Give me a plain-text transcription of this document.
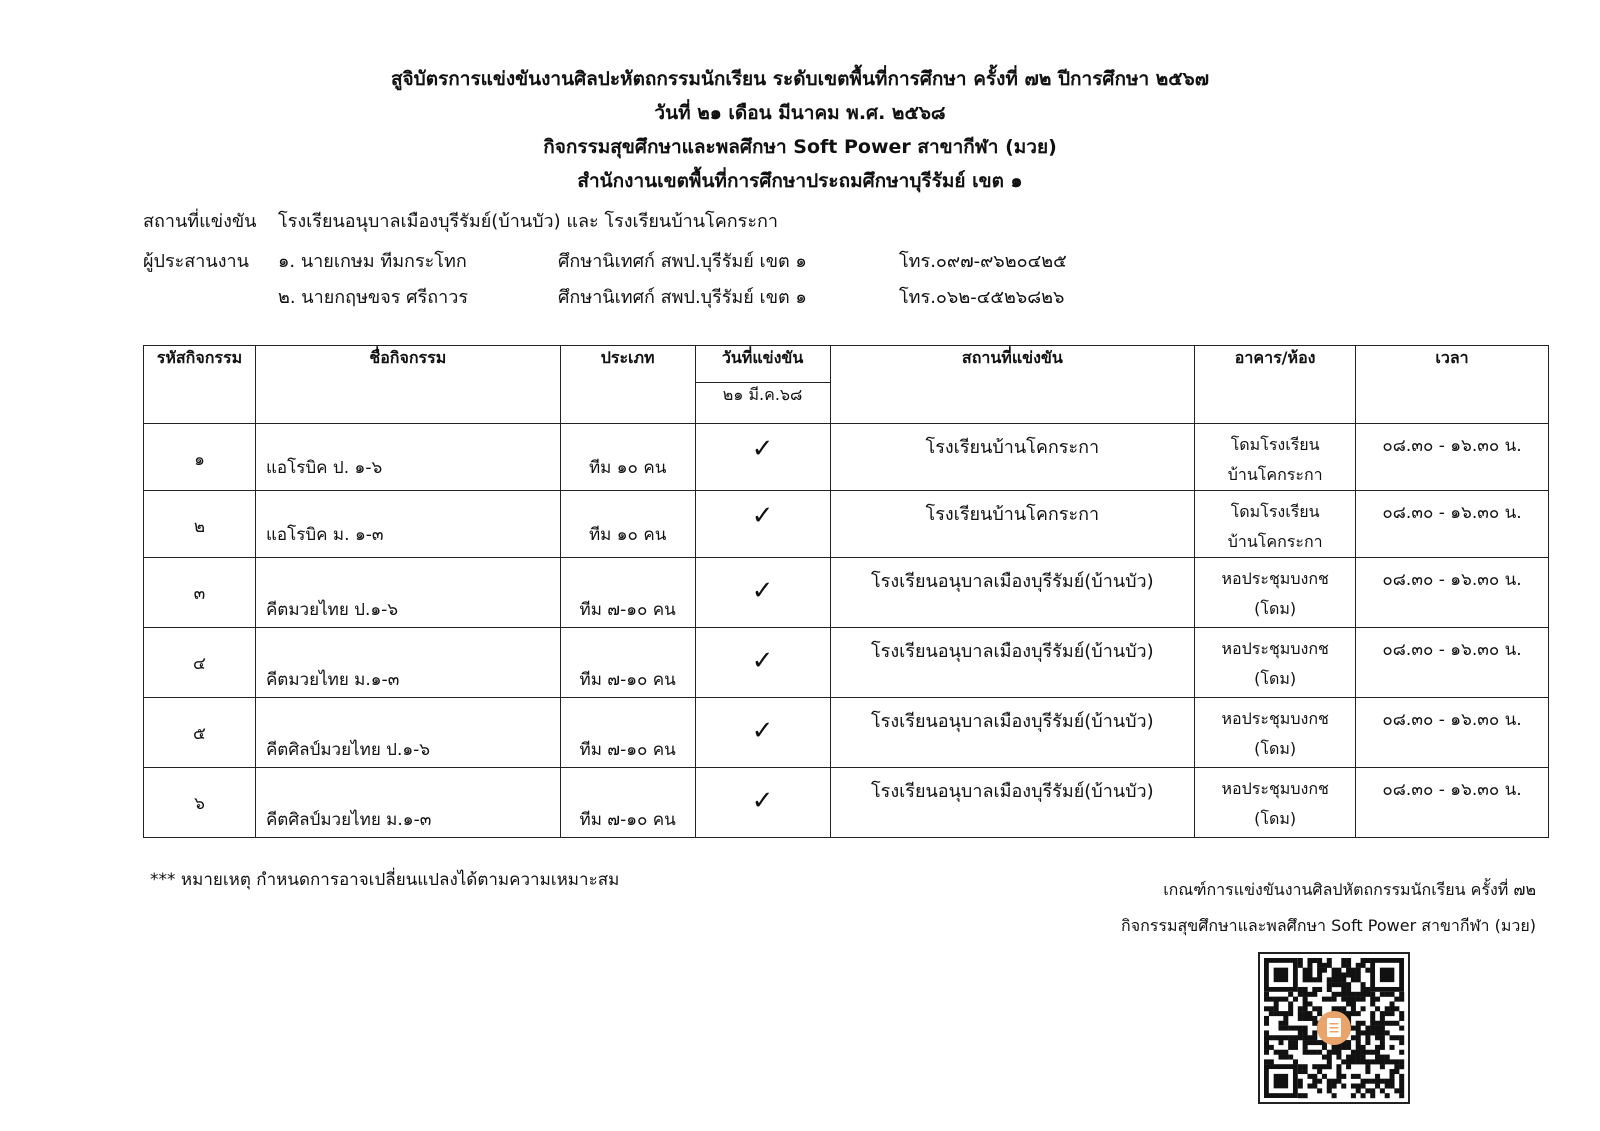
สูจิบัตรการแข่งขันงานศิลปะหัตถกรรมนักเรียน ระดับเขตพื้นที่การศึกษา ครั้งที่ ๗๒ ปีการศึกษา ๒๕๖๗
วันที่ ๒๑ เดือน มีนาคม พ.ศ. ๒๕๖๘
กิจกรรมสุขศึกษาและพลศึกษา Soft Power สาขากีฬา (มวย)
สำนักงานเขตพื้นที่การศึกษาประถมศึกษาบุรีรัมย์ เขต ๑
สถานที่แข่งขัน โรงเรียนอนุบาลเมืองบุรีรัมย์(บ้านบัว) และ โรงเรียนบ้านโคกระกา
ผู้ประสานงาน ๑. นายเกษม ทีมกระโทก	ศึกษานิเทศก์ สพป.บุรีรัมย์ เขต ๑	โทร.๐๙๗-๙๖๒๐๔๒๕
๒. นายกฤษขจร ศรีถาวร	ศึกษานิเทศก์ สพป.บุรีรัมย์ เขต ๑	โทร.๐๖๒-๔๕๒๖๘๒๖
รหัสกิจกรรม	ชื่อกิจกรรม	ประเภท	วันที่แข่งขัน	สถานที่แข่งขัน	อาคาร/ห้อง	เวลา
			๒๑ มี.ค.๖๘			

๑	แอโรบิค ป. ๑-๖	ทีม ๑๐ คน	✓	โรงเรียนบ้านโคกระกา	โดมโรงเรียน
บ้านโคกระกา	๐๘.๓๐ - ๑๖.๓๐ น.

๒	แอโรบิค ม. ๑-๓	ทีม ๑๐ คน	✓	โรงเรียนบ้านโคกระกา	โดมโรงเรียน
บ้านโคกระกา	๐๘.๓๐ - ๑๖.๓๐ น.

๓	คีตมวยไทย ป.๑-๖	ทีม ๗-๑๐ คน	✓	โรงเรียนอนุบาลเมืองบุรีรัมย์(บ้านบัว)	หอประชุมบงกช
(โดม)	๐๘.๓๐ - ๑๖.๓๐ น.

๔	คีตมวยไทย ม.๑-๓	ทีม ๗-๑๐ คน	✓	โรงเรียนอนุบาลเมืองบุรีรัมย์(บ้านบัว)	หอประชุมบงกช
(โดม)	๐๘.๓๐ - ๑๖.๓๐ น.

๕	คีตศิลป์มวยไทย ป.๑-๖	ทีม ๗-๑๐ คน	✓	โรงเรียนอนุบาลเมืองบุรีรัมย์(บ้านบัว)	หอประชุมบงกช
(โดม)	๐๘.๓๐ - ๑๖.๓๐ น.

๖	คีตศิลป์มวยไทย ม.๑-๓	ทีม ๗-๑๐ คน	✓	โรงเรียนอนุบาลเมืองบุรีรัมย์(บ้านบัว)	หอประชุมบงกช
(โดม)	๐๘.๓๐ - ๑๖.๓๐ น.
*** หมายเหตุ กำหนดการอาจเปลี่ยนแปลงได้ตามความเหมาะสม	เกณฑ์การแข่งขันงานศิลปหัตถกรรมนักเรียน ครั้งที่ ๗๒
กิจกรรมสุขศึกษาและพลศึกษา Soft Power สาขากีฬา (มวย)
